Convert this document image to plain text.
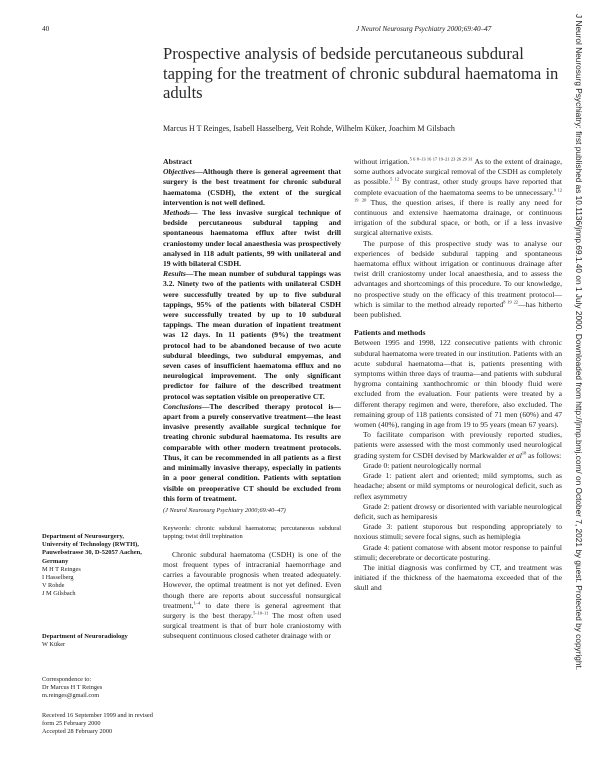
40	J Neurol Neurosurg Psychiatry 2000;69:40–47	J Neurol Neurosurg Psychiatry: first published as 10.1136/jnnp.69.1.40 on 1 July 2000. Downloaded from http://jnnp.bmj.com/ on October 7, 2021 by guest. Protected by copyright.
Prospective analysis of bedside percutaneous subdural tapping for the treatment of chronic subdural haematoma in adults
Marcus H T Reinges, Isabell Hasselberg, Veit Rohde, Wilhelm Küker, Joachim M Gilsbach

Abstract

Objectives—Although there is general agreement that surgery is the best treatment for chronic subdural haematoma (CSDH), the extent of the surgical intervention is not well defined.

Methods— The less invasive surgical technique of bedside percutaneous subdural tapping and spontaneous haematoma efflux after twist drill craniostomy under local anaesthesia was prospectively analysed in 118 adult patients, 99 with unilateral and 19 with bilateral CSDH.

Results—The mean number of subdural tappings was 3.2. Ninety two of the patients with unilateral CSDH were successfully treated by up to five subdural tappings, 95% of the patients with bilateral CSDH were successfully treated by up to 10 subdural tappings. The mean duration of inpatient treatment was 12 days. In 11 patients (9%) the treatment protocol had to be abandoned because of two acute subdural bleedings, two subdural empyemas, and seven cases of insufficient haematoma efflux and no neurological improvement. The only significant predictor for failure of the described treatment protocol was septation visible on preoperative CT.

Conclusions—The described therapy protocol is—apart from a purely conservative treatment—the least invasive presently available surgical technique for treating chronic subdural haematoma. Its results are comparable with other modern treatment protocols. Thus, it can be recommended in all patients as a first and minimally invasive therapy, especially in patients in a poor general condition. Patients with septation visible on preoperative CT should be excluded from this form of treatment.

(J Neurol Neurosurg Psychiatry 2000;69:40–47)

Keywords: chronic subdural haematoma; percutaneous subdural tapping; twist drill trephination

Chronic subdural haematoma (CSDH) is one of the most frequent types of intracranial haemorrhage and carries a favourable prognosis when treated adequately. However, the optimal treatment is not yet defined. Even though there are reports about successful nonsurgical treatment,$^{1-4}$ to date there is general agreement that surgery is the best therapy.$^{5-10-11}$ The most often used surgical treatment is that of burr hole craniostomy with subsequent continuous closed catheter drainage with or

without irrigation.$^{5 6 8-13 16 17 19-21 23 26 29 31}$ As to the extent of drainage, some authors advocate surgical removal of the CSDH as completely as possible.$^{5 12}$ By contrast, other study groups have reported that complete evacuation of the haematoma seems to be unnecessary.$^{9 12 19 20}$ Thus, the question arises, if there is really any need for continuous and extensive haematoma drainage, or continuous irrigation of the subdural space, or both, or if a less invasive surgical alternative exists.

The purpose of this prospective study was to analyse our experiences of bedside subdural tapping and spontaneous haematoma efflux without irrigation or continuous drainage after twist drill craniostomy under local anaesthesia, and to assess the advantages and shortcomings of this procedure. To our knowledge, no prospective study on the efficacy of this treatment protocol—which is similar to the method already reported$^{8 19 22}$—has hitherto been published.

Patients and methods

Between 1995 and 1998, 122 consecutive patients with chronic subdural haematoma were treated in our institution. Patients with an acute subdural haematoma—that is, patients presenting with symptoms within three days of trauma—and patients with subdural hygroma containing xanthochromic or thin bloody fluid were excluded from the evaluation. Four patients were treated by a different therapy regimen and were, therefore, also excluded. The remaining group of 118 patients consisted of 71 men (60%) and 47 women (40%), ranging in age from 19 to 95 years (mean 67 years).

To facilitate comparison with previously reported studies, patients were assessed with the most commonly used neurological grading system for CSDH devised by Markwalder et $al^{18}$ as follows:

Grade 0: patient neurologically normal

Grade 1: patient alert and oriented; mild symptoms, such as headache; absent or mild symptoms or neurological deficit, such as reflex asymmetry

Grade 2: patient drowsy or disoriented with variable neurological deficit, such as hemiparesis

Grade 3: patient stuporous but responding appropriately to noxious stimuli; severe focal signs, such as hemiplegia

Grade 4: patient comatose with absent motor response to painful stimuli; decerebrate or decorticate posturing.

The initial diagnosis was confirmed by CT, and treatment was initiated if the thickness of the haematoma exceeded that of the skull and

Department of Neurosurgery, University of Technology (RWTH), Pauwelsstrasse 30, D-52057 Aachen, Germany

M H T Reinges

I Hasselberg

V Rohde

J M Gilsbach

Department of Neuroradiology

W Küker

Correspondence to:

Dr Marcus H T Reinges

m.reinges@gmail.com

Received 16 September 1999 and in revised form 25 February 2000

Accepted 28 February 2000
